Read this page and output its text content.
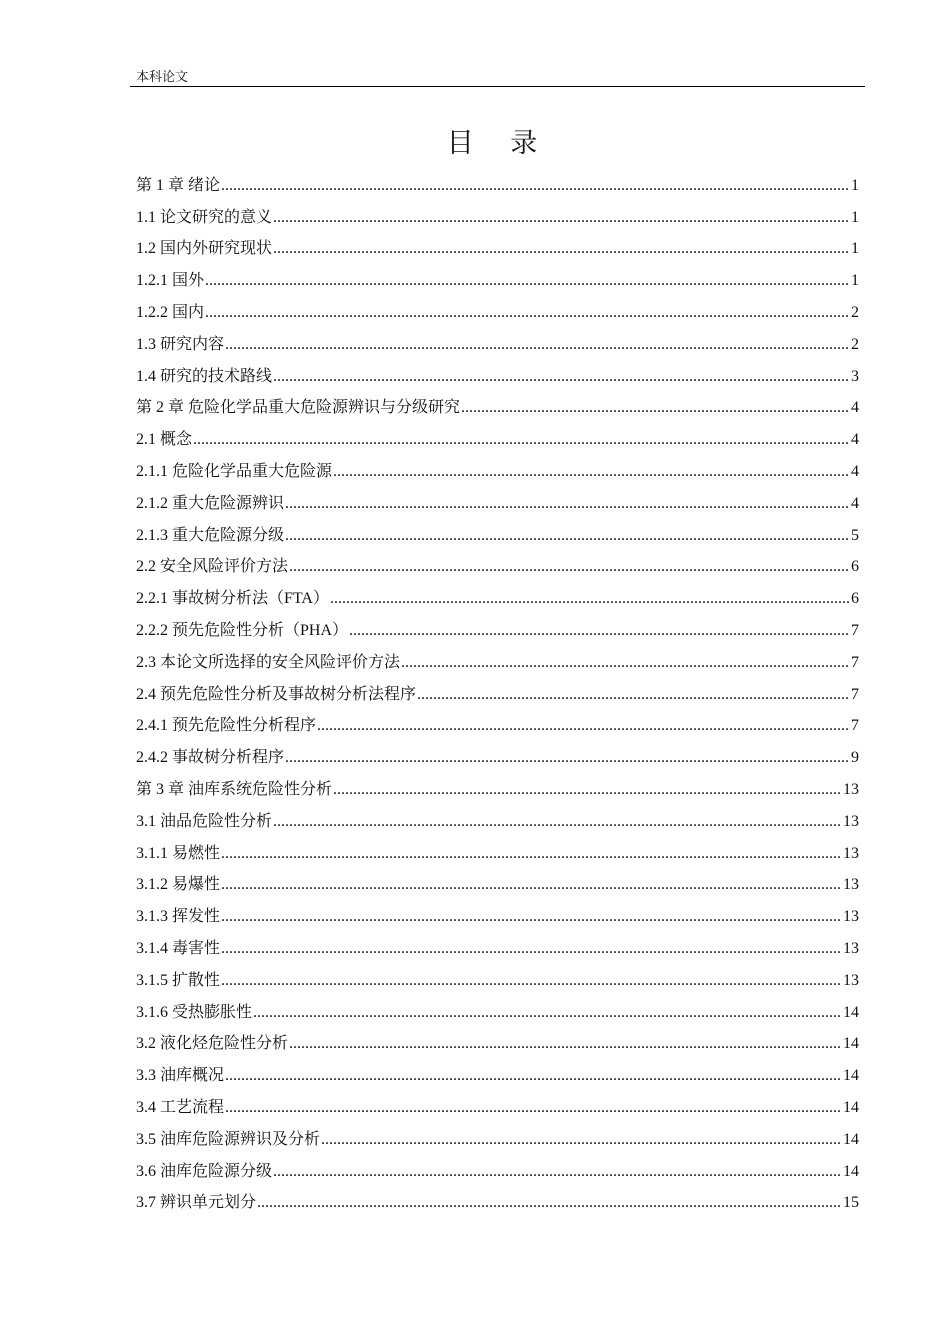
本科论文
目 录
第 1 章 绪论 .....	1
1.1 论文研究的意义 .....	1
1.2 国内外研究现状 .....	1
1.2.1 国外 .....	1
1.2.2 国内 .....	2
1.3 研究内容 .....	2
1.4 研究的技术路线 .....	3
第 2 章 危险化学品重大危险源辨识与分级研究 .....	4
2.1 概念 .....	4
2.1.1 危险化学品重大危险源 .....	4
2.1.2 重大危险源辨识 .....	4
2.1.3 重大危险源分级 .....	5
2.2 安全风险评价方法 .....	6
2.2.1 事故树分析法（FTA） .....	6
2.2.2 预先危险性分析（PHA） .....	7
2.3 本论文所选择的安全风险评价方法 .....	7
2.4 预先危险性分析及事故树分析法程序 .....	7
2.4.1 预先危险性分析程序 .....	7
2.4.2 事故树分析程序 .....	9
第 3 章 油库系统危险性分析 .....	13
3.1 油品危险性分析 .....	13
3.1.1 易燃性 .....	13
3.1.2 易爆性 .....	13
3.1.3 挥发性 .....	13
3.1.4 毒害性 .....	13
3.1.5 扩散性 .....	13
3.1.6 受热膨胀性 .....	14
3.2 液化烃危险性分析 .....	14
3.3 油库概况 .....	14
3.4 工艺流程 .....	14
3.5 油库危险源辨识及分析 .....	14
3.6 油库危险源分级 .....	14
3.7 辨识单元划分 .....	15
